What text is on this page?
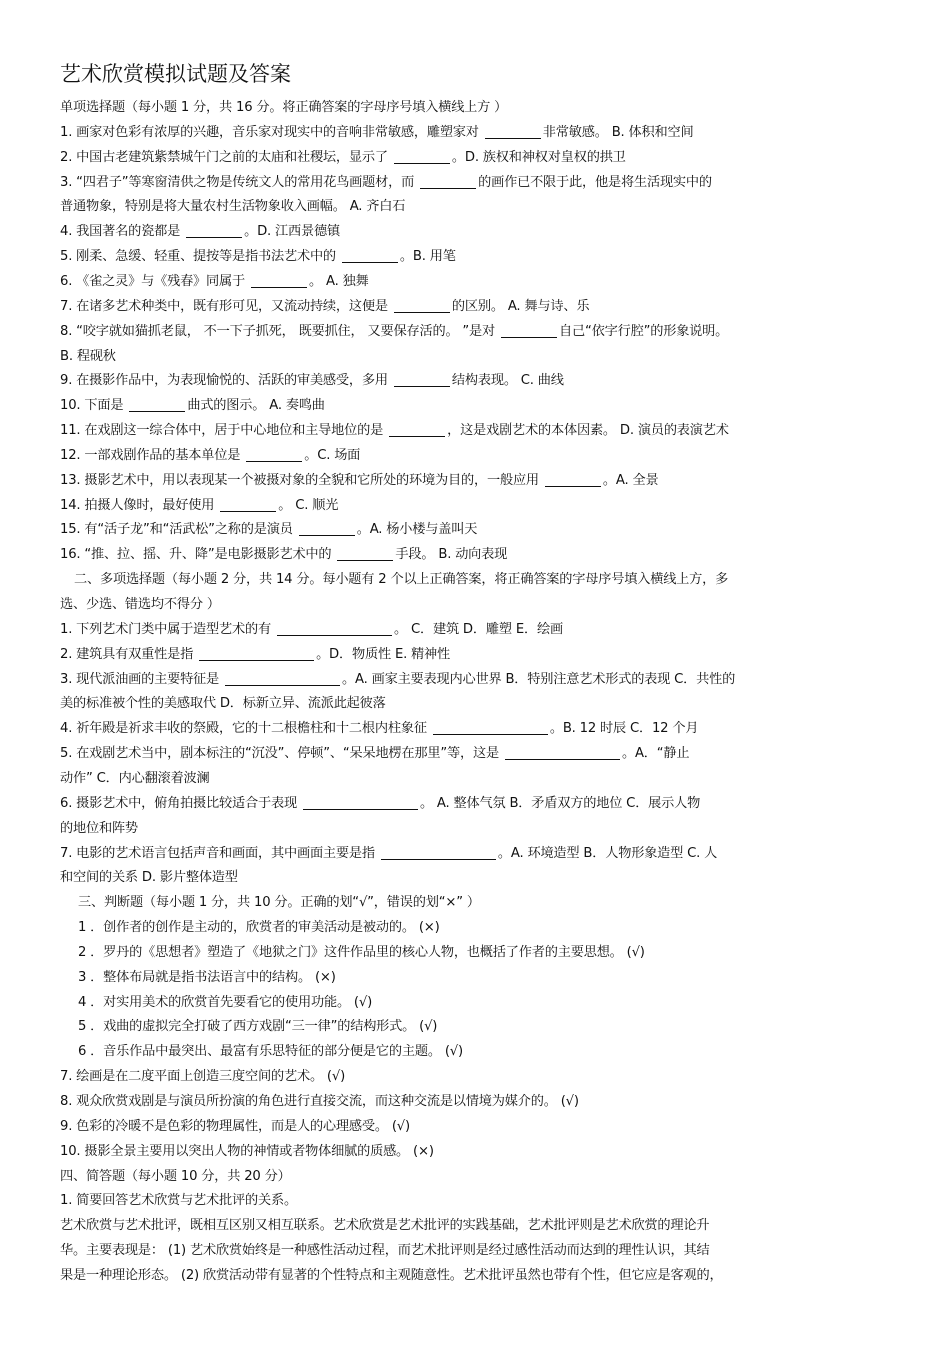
艺术欣赏模拟试题及答案

单项选择题（每小题 1 分，共 16 分。将正确答案的字母序号填入横线上方 ）

1. 画家对色彩有浓厚的兴趣，音乐家对现实中的音响非常敏感，雕塑家对	非常敏感。 B. 体积和空间

2. 中国古老建筑紫禁城午门之前的太庙和社稷坛，显示了	。D. 族权和神权对皇权的拱卫

3. “四君子”等寒窗清供之物是传统文人的常用花鸟画题材，而	的画作已不限于此，他是将生活现实中的

普通物象，特别是将大量农村生活物象收入画幅。 A. 齐白石

4. 我国著名的瓷都是	。D. 江西景德镇

5. 刚柔、急缓、轻重、提按等是指书法艺术中的	。B. 用笔

6. 《雀之灵》与《残春》同属于	。 A. 独舞

7. 在诸多艺术种类中，既有形可见，又流动持续，这便是	的区别。 A. 舞与诗、乐

8. “咬字就如猫抓老鼠， 不一下子抓死， 既要抓住， 又要保存活的。 ”是对	自己“依字行腔”的形象说明。

B. 程砚秋

9. 在摄影作品中，为表现愉悦的、活跃的审美感受，多用	结构表现。 C. 曲线

10. 下面是	曲式的图示。 A. 奏鸣曲

11. 在戏剧这一综合体中，居于中心地位和主导地位的是	，这是戏剧艺术的本体因素。 D. 演员的表演艺术

12. 一部戏剧作品的基本单位是	。C. 场面

13. 摄影艺术中，用以表现某一个被摄对象的全貌和它所处的环境为目的，一般应用	。A. 全景

14. 拍摄人像时，最好使用	。 C. 顺光

15. 有“活子龙”和“活武松”之称的是演员	。A. 杨小楼与盖叫天

16. “推、拉、摇、升、降”是电影摄影艺术中的	手段。 B. 动向表现

二、多项选择题（每小题 2 分，共 14 分。每小题有 2 个以上正确答案，将正确答案的字母序号填入横线上方，多

选、少选、错选均不得分 ）

1. 下列艺术门类中属于造型艺术的有	。 C．建筑 D．雕塑 E．绘画

2. 建筑具有双重性是指	。D．物质性 E. 精神性

3. 现代派油画的主要特征是	。A. 画家主要表现内心世界 B．特别注意艺术形式的表现 C．共性的

美的标准被个性的美感取代 D．标新立异、流派此起彼落

4. 祈年殿是祈求丰收的祭殿，它的十二根檐柱和十二根内柱象征	。B. 12 时辰 C．12 个月

5. 在戏剧艺术当中，剧本标注的“沉没”、停顿”、“呆呆地楞在那里”等，这是	。A．“静止

动作” C．内心翻滚着波澜

6. 摄影艺术中，俯角拍摄比较适合于表现	。 A. 整体气氛 B．矛盾双方的地位 C．展示人物

的地位和阵势

7. 电影的艺术语言包括声音和画面，其中画面主要是指	。A. 环境造型 B．人物形象造型 C. 人

和空间的关系 D. 影片整体造型

三、判断题（每小题 1 分，共 10 分。正确的划“√”，错误的划“×” ）

1 ．创作者的创作是主动的，欣赏者的审美活动是被动的。 (×)

2 ．罗丹的《思想者》塑造了《地狱之门》这件作品里的核心人物，也概括了作者的主要思想。 (√)

3 ．整体布局就是指书法语言中的结构。 (×)

4 ．对实用美术的欣赏首先要看它的使用功能。 (√)

5 ．戏曲的虚拟完全打破了西方戏剧“三一律”的结构形式。 (√)

6 ．音乐作品中最突出、最富有乐思特征的部分便是它的主题。 (√)

7. 绘画是在二度平面上创造三度空间的艺术。 (√)

8. 观众欣赏戏剧是与演员所扮演的角色进行直接交流，而这种交流是以情境为媒介的。 (√)

9. 色彩的冷暖不是色彩的物理属性，而是人的心理感受。 (√)

10. 摄影全景主要用以突出人物的神情或者物体细腻的质感。 (×)

四、简答题（每小题 10 分，共 20 分）

1. 简要回答艺术欣赏与艺术批评的关系。

艺术欣赏与艺术批评，既相互区别又相互联系。艺术欣赏是艺术批评的实践基础，艺术批评则是艺术欣赏的理论升

华。主要表现是： (1) 艺术欣赏始终是一种感性活动过程，而艺术批评则是经过感性活动而达到的理性认识，其结

果是一种理论形态。 (2) 欣赏活动带有显著的个性特点和主观随意性。艺术批评虽然也带有个性，但它应是客观的，
